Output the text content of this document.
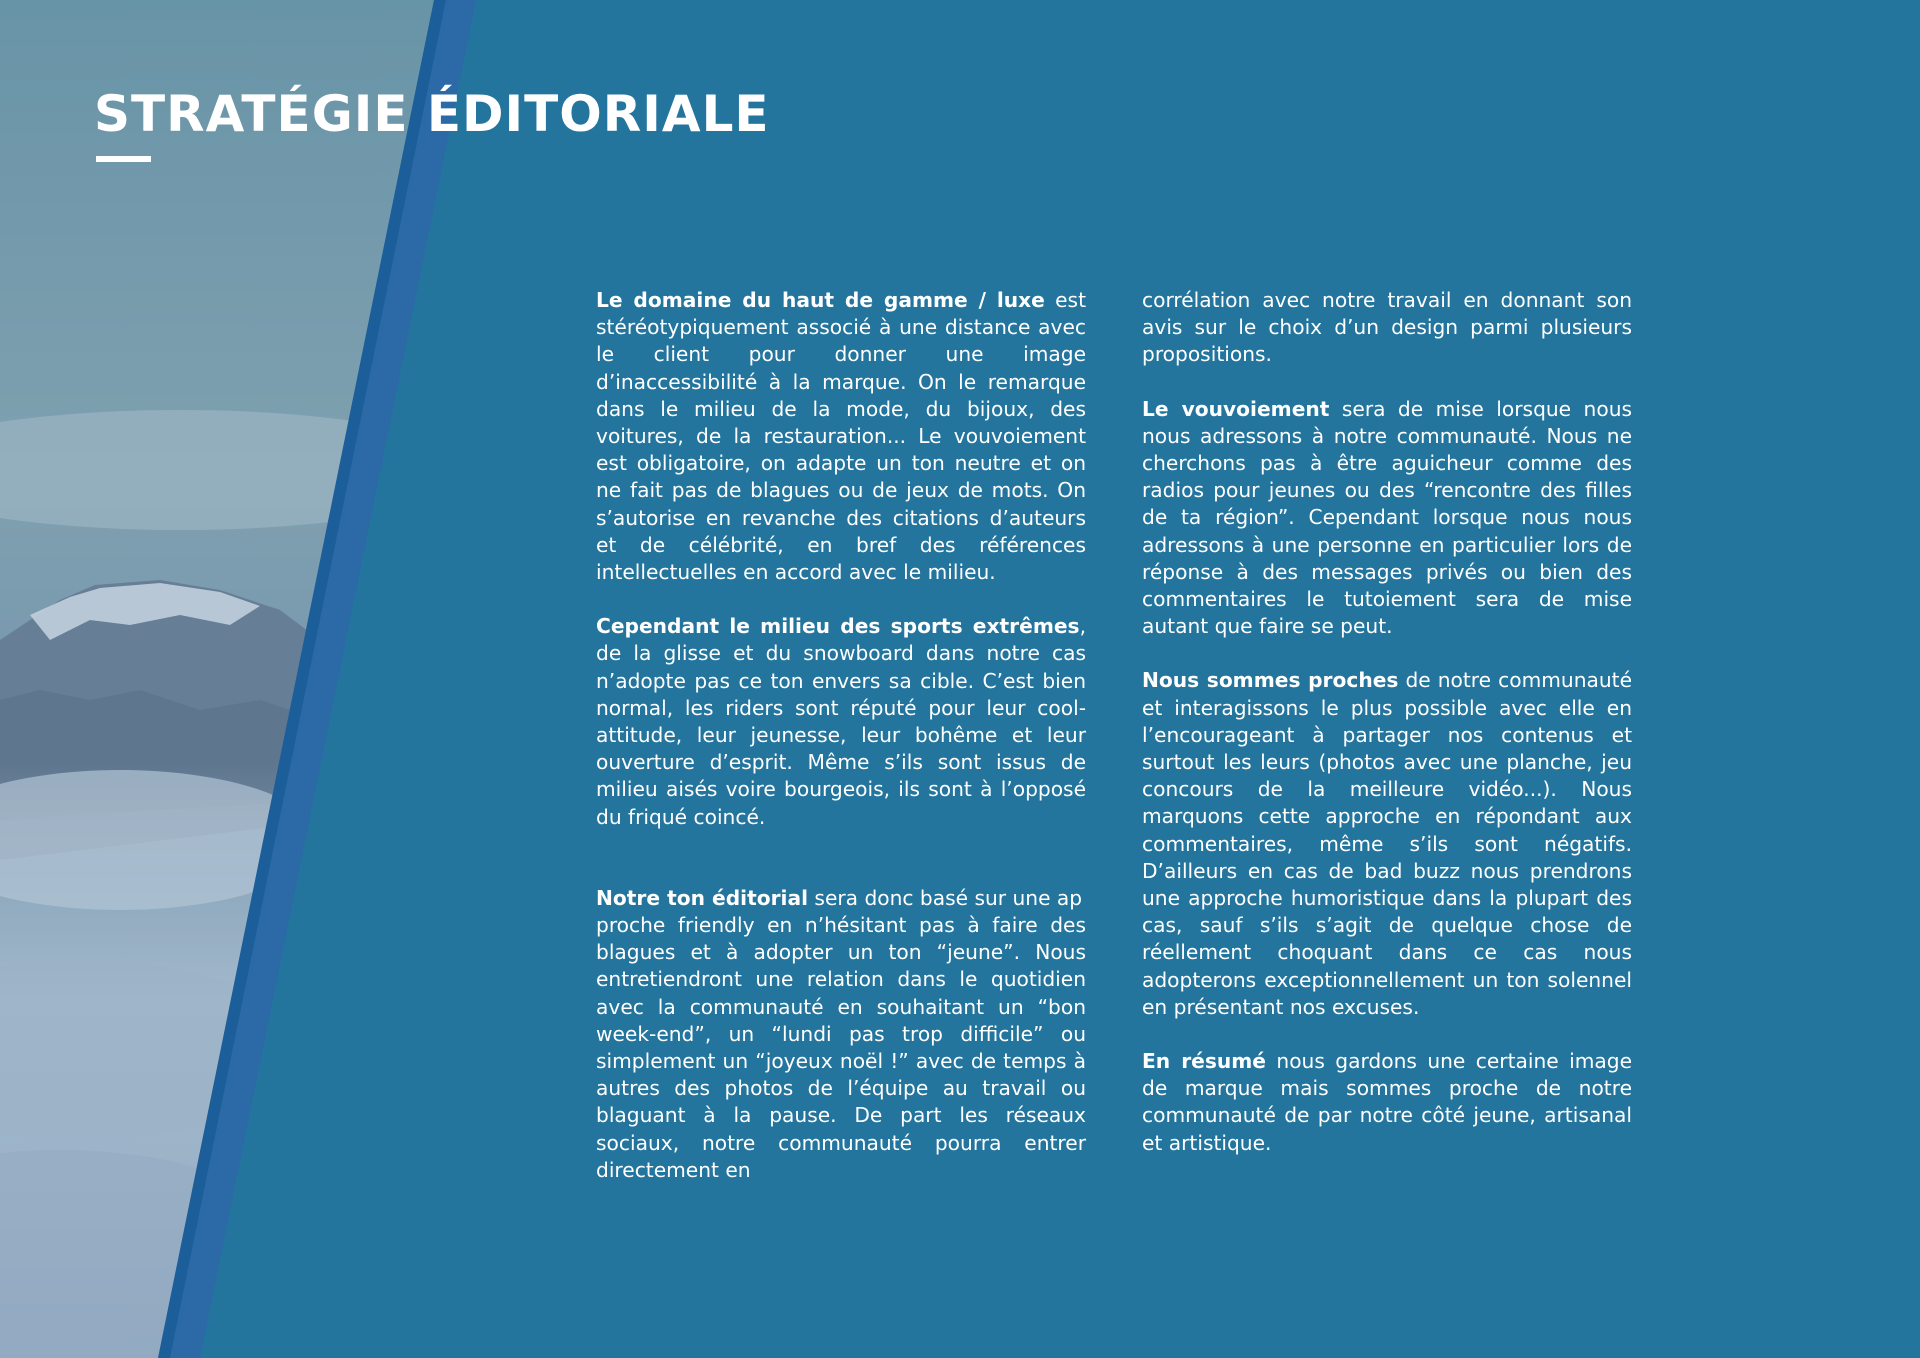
STRATÉGIE ÉDITORIALE

Le domaine du haut de gamme / luxe est stéréotypiquement associé à une distance avec le client pour donner une image d’inaccessibilité à la marque. On le remarque dans le milieu de la mode, du bijoux, des voitures, de la restauration... Le vouvoiement est obligatoire, on adapte un ton neutre et on ne fait pas de blagues ou de jeux de mots. On s’autorise en revanche des citations d’auteurs et de célébrité, en bref des références intellectuelles en accord avec le milieu.

Cependant le milieu des sports extrêmes, de la glisse et du snowboard dans notre cas n’adopte pas ce ton envers sa cible. C’est bien normal, les riders sont réputé pour leur cool-attitude, leur jeunesse, leur bohême et leur ouverture d’esprit. Même s’ils sont issus de milieu aisés voire bourgeois, ils sont à l’opposé du friqué coincé.

Notre ton éditorial sera donc basé sur une ap
proche friendly en n’hésitant pas à faire des blagues et à adopter un ton “jeune”. Nous entretiendront une relation dans le quotidien avec la communauté en souhaitant un “bon week-end”, un “lundi pas trop difficile” ou simplement un “joyeux noël !” avec de temps à autres des photos de l’équipe au travail ou blaguant à la pause. De part les réseaux sociaux, notre communauté pourra entrer directement en

corrélation avec notre travail en donnant son avis sur le choix d’un design parmi plusieurs propositions.

Le vouvoiement sera de mise lorsque nous nous adressons à notre communauté. Nous ne cherchons pas à être aguicheur comme des radios pour jeunes ou des “rencontre des filles de ta région”. Cependant lorsque nous nous adressons à une personne en particulier lors de réponse à des messages privés ou bien des commentaires le tutoiement sera de mise autant que faire se peut.

Nous sommes proches de notre communauté et interagissons le plus possible avec elle en l’encourageant à partager nos contenus et surtout les leurs (photos avec une planche, jeu concours de la meilleure vidéo...). Nous marquons cette approche en répondant aux commentaires, même s’ils sont négatifs. D’ailleurs en cas de bad buzz nous prendrons une approche humoristique dans la plupart des cas, sauf s’ils s’agit de quelque chose de réellement choquant dans ce cas nous adopterons exceptionnellement un ton solennel en présentant nos excuses.

En résumé nous gardons une certaine image de marque mais sommes proche de notre communauté de par notre côté jeune, artisanal et artistique.
